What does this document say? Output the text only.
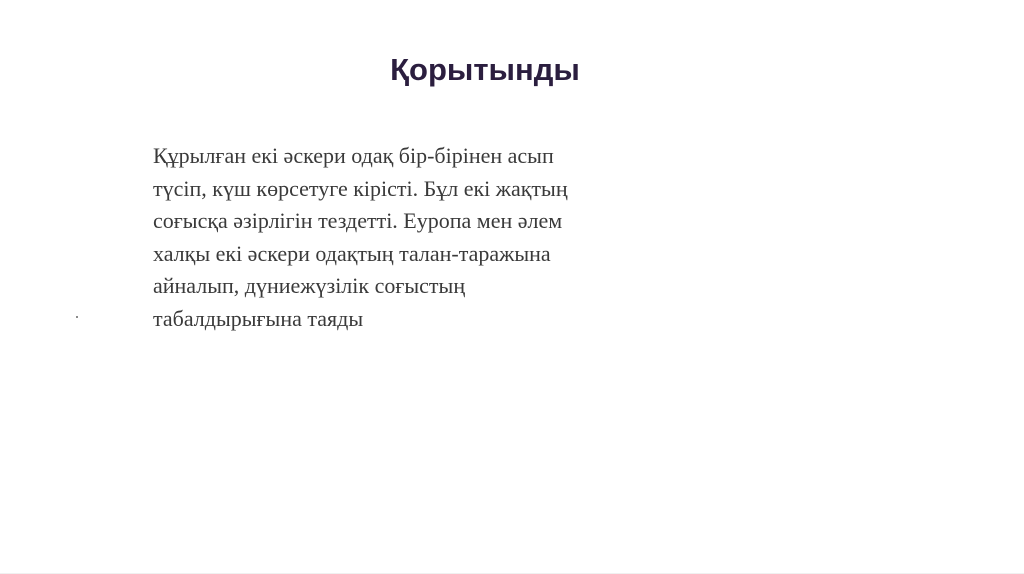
Қорытынды
Құрылған екі әскери одақ бір-бірінен асып
түсіп, күш көрсетуге кірісті. Бұл екі жақтың
соғысқа әзірлігін тездетті. Еуропа мен әлем
халқы екі әскери одақтың талан-таражына
айналып, дүниежүзілік соғыстың
табалдырығына таяды
